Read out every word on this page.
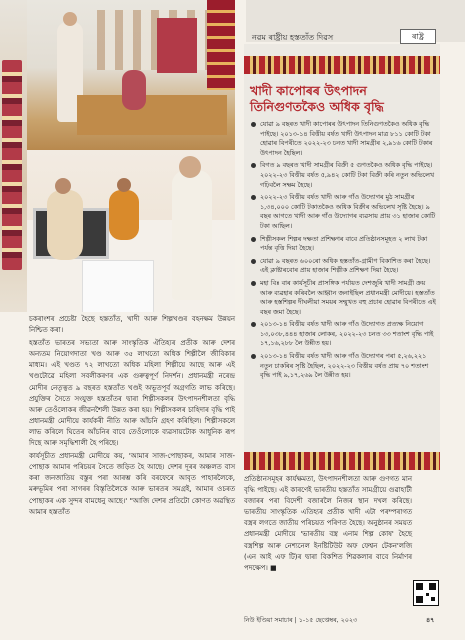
নৱম ৰাষ্ট্ৰীয় হস্ততাঁত দিৱস	ৰাষ্ট্ৰ
খাদী কাপোৰৰ উৎপাদন তিনিগুণতকৈও অধিক বৃদ্ধি
যোৱা ৯ বছৰত খাদী কাপোৰৰ উৎপাদন তিনিগুণতকৈও অধিক বৃদ্ধি পাইছে। ২০১৩-১৪ বিত্তীয় বৰ্ষত খাদী উৎপাদন মাত্ৰ ৮১১ কোটি টকা হোৱাৰ বিপৰীতে ২০২২-২৩ চনত খাদী সামগ্ৰীৰ ২,৯১৬ কোটি টকাৰ উৎপাদন হৈছিল।
বিগত ৯ বছৰত খাদী সামগ্ৰীৰ বিক্ৰী ৫ গুণতকৈও অধিক বৃদ্ধি পাইছে। ২০২২-২৩ বিত্তীয় বৰ্ষত ৫,৯৪২ কোটি টকা বিক্ৰী কৰি নতুন অভিলেখ গঢ়িবলৈ সক্ষম হৈছে।
২০২২-২৩ বিত্তীয় বৰ্ষত খাদী আৰু গাঁও উদ্যোগৰ মুঠ সামগ্ৰীৰ ১,৩৪,০০০ কোটি টকাতকৈও অধিক বিক্ৰীৰ অভিলেখ সৃষ্টি হৈছে। ৯ বছৰ আগতে খাদী আৰু গাঁও উদ্যোগৰ ব্যৱসায় প্ৰায় ৩১ হাজাৰ কোটি টকা আছিল।
শিল্পীসকল শিল্পৰ দক্ষতা প্ৰশিক্ষণৰ বাবে প্ৰতিষ্ঠানসমূহত ২ লাখ টকা পৰ্যন্ত বৃত্তি দিয়া হৈছে।
যোৱা ৯ বছৰত ৬০০ৰো অধিক হস্ততাঁত-গ্ৰামীণ বিকাশিত কৰা হৈছে। এই ক্লাষ্টাৰবোৰ প্ৰায় হাজাৰ শিল্পীক প্ৰশিক্ষণ দিয়া হৈছে।
মহা বিঃ বাৰ কাৰ্যসূচীৰ প্ৰাসঙ্গিক পৰ্যায়ত দেশজুৰি খাদী সামগ্ৰী ক্ৰয় আৰু ব্যৱহাৰ কৰিবলৈ আহ্বান জনাইছিল প্ৰধানমন্ত্ৰী মোদীয়ে। হস্ততাঁত আৰু হস্তশিল্পৰ দীঘলীয়া সময়ৰ সন্মুখত বহু প্ৰচাৰ হোৱাৰ বিপৰীতে এই বছৰ জমা হৈছে।
২০১৩-১৪ বিত্তীয় বৰ্ষত খাদী আৰু গাঁও উদ্যোগত প্ৰত্যক্ষ নিয়োগ ১৩,০৩৮,৪৪৪ হাজাৰ লোকৰ, ২০২২-২৩ চনত ৩৩ শতাংশ বৃদ্ধি পাই ১৭,১৬,২৮৮ লৈ উন্নীত হয়।
২০১৩-১৪ বিত্তীয় বৰ্ষত খাদী আৰু গাঁও উদ্যোগৰ পৰা ৫,২৬,২২১ নতুন চাকৰিৰ সৃষ্টি হৈছিল, ২০২২-২৩ বিত্তীয় বৰ্ষত প্ৰায় ৭০ শতাংশ বৃদ্ধি পাই ৯,১৭,২৬৯ লৈ উন্নীত হয়।

চকৰাংশৰ প্ৰচেষ্টা হৈছে হস্ততাঁত, খাদী আৰু শিল্পখণ্ডৰ বহনক্ষম উন্নয়ন নিশ্চিত কৰা।

হস্ততাঁত ভাৰতৰ সভ্যতা আৰু সাংস্কৃতিক ঐতিহ্যৰ প্ৰতীক আৰু দেশৰ অন্যতম নিয়োগদাতা খণ্ড আৰু ৩৫ লাখতো অধিক শিল্পীলৈ জীবিকাৰ মাধ্যম। এই খণ্ডত ৭২ লাখতো অধিক মহিলা শিল্পীয়ে আছে আৰু এই খণ্ডটোৱে মহিলা সবলীকৰণৰ এক গুৰুত্বপূৰ্ণ নিদৰ্শন। প্ৰধানমন্ত্ৰী নৰেন্দ্ৰ মোদীৰ নেতৃত্বত ৯ বছৰত হস্ততাঁত খণ্ডই অভূতপূৰ্ব অগ্ৰগতি লাভ কৰিছে। প্ৰযুক্তিৰ সৈতে সংযুক্ত হস্ততাঁতৰ দ্বাৰা শিল্পীসকলৰ উৎপাদনশীলতা বৃদ্ধি আৰু তেওঁলোকৰ জীৱনশৈলী উন্নত কৰা হয়। শিল্পীসকলৰ চাহিদাৰ বৃদ্ধি পাই প্ৰধানমন্ত্ৰী মোদীয়ে কাৰ্যকৰী নীতি আৰু আঁচনি গ্ৰহণ কৰিছিল। শিল্পীসকলে লাভ কৰিলে ঘিতেৰ আঁচনিৰ বাবে তেওঁলোকে ব্যৱসায়টোক আধুনিক ৰূপ দিছে আৰু সমৃদ্ধিশালী হৈ পৰিছে।

কাৰ্যসূচীত প্ৰধানমন্ত্ৰী মোদীয়ে কয়, 'আমাৰ সাজ-পোছাকৰ, আমাৰ সাজ-পোছাক আমাৰ পৰিচয়ৰ সৈতে জড়িত হৈ আছে। দেশৰ দূৰৰ অঞ্চলত বাস কৰা জনজাতিয় বস্তুৰ পৰা আৰম্ভ কৰি বৰফেৰে আবৃত পাহাৰলৈকে, মৰুভূমিৰ পৰা সাগৰৰ বিস্তৃতিলৈকে আৰু ভাৰতৰ সমগ্ৰই, আমাৰ ওচৰত পোছাকৰ এক সুন্দৰ বামধেনু আছে।' "আজি দেশৰ প্ৰতিটো কোণত অৱস্থিত আমাৰ হস্ততাঁত

প্ৰতিষ্ঠানসমূহৰ কাৰ্যক্ষমতা, উৎপাদনশীলতা আৰু গুণগত মান বৃদ্ধি পাইছে। এই কাৰণেই ভাৰতীয় হস্ততাঁত সামগ্ৰীয়ে গুৱাহাটী বজাৰৰ পৰা বিদেশী বজাৰলৈ নিজৰ স্থান দখল কৰিছে। ভাৰতীয় সাংস্কৃতিক এতিহ্যৰ প্ৰতীক খাদী এটা পৰম্পৰাগত বস্ত্ৰৰ লগতে জাতীয় পৰিচয়ত পৰিণত হৈছে। অনুষ্ঠানৰ সময়ত প্ৰধানমন্ত্ৰী মোদীয়ে 'ভাৰতীয় বস্ত্ৰ এনাম শিল্প কোষ' হৈছে বস্ত্ৰশিল্প আৰু নেশ্যনেল ইনষ্টিটিউট অফ ফেশ্বন টেকন'লজি (এন আই এফ টি)ৰ দ্বাৰা বিকশিত শিৱকলাৰ বাবে নিৰ্মাণৰ পদক্ষেপ। ■

নিউ ইণ্ডিয়া সমাচাৰ | ১-১৫ ছেপ্তেম্বৰ, ২০২৩	৪৭
